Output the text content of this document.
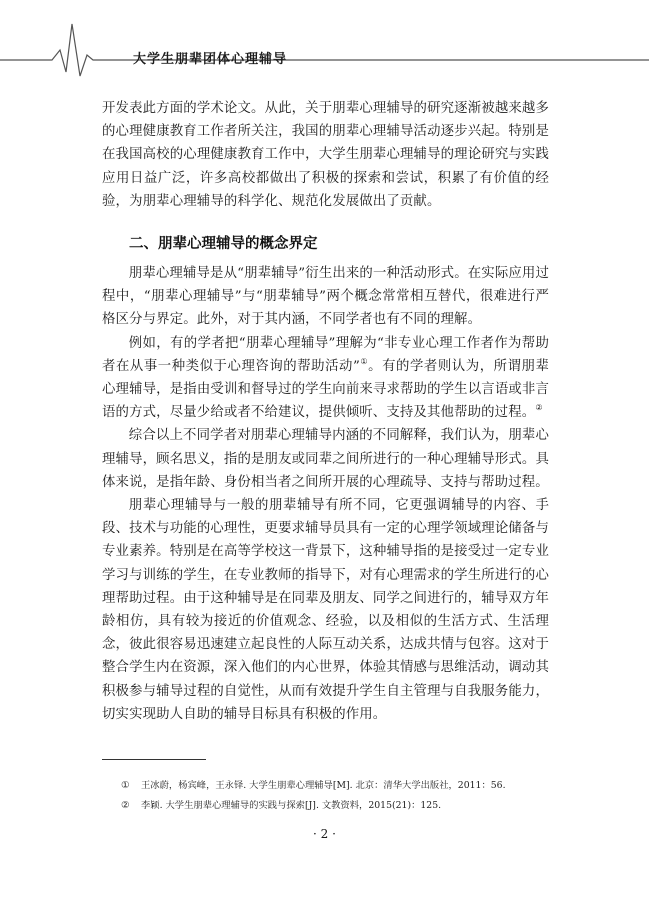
大学生朋辈团体心理辅导

开发表此方面的学术论文。从此，关于朋辈心理辅导的研究逐渐被越来越多的心理健康教育工作者所关注，我国的朋辈心理辅导活动逐步兴起。特别是在我国高校的心理健康教育工作中，大学生朋辈心理辅导的理论研究与实践应用日益广泛，许多高校都做出了积极的探索和尝试，积累了有价值的经验，为朋辈心理辅导的科学化、规范化发展做出了贡献。

二、朋辈心理辅导的概念界定

朋辈心理辅导是从“朋辈辅导”衍生出来的一种活动形式。在实际应用过程中，“朋辈心理辅导”与“朋辈辅导”两个概念常常相互替代，很难进行严格区分与界定。此外，对于其内涵，不同学者也有不同的理解。

例如，有的学者把“朋辈心理辅导”理解为“非专业心理工作者作为帮助者在从事一种类似于心理咨询的帮助活动”①。有的学者则认为，所谓朋辈心理辅导，是指由受训和督导过的学生向前来寻求帮助的学生以言语或非言语的方式，尽量少给或者不给建议，提供倾听、支持及其他帮助的过程。②

综合以上不同学者对朋辈心理辅导内涵的不同解释，我们认为，朋辈心理辅导，顾名思义，指的是朋友或同辈之间所进行的一种心理辅导形式。具体来说，是指年龄、身份相当者之间所开展的心理疏导、支持与帮助过程。

朋辈心理辅导与一般的朋辈辅导有所不同，它更强调辅导的内容、手段、技术与功能的心理性，更要求辅导员具有一定的心理学领域理论储备与专业素养。特别是在高等学校这一背景下，这种辅导指的是接受过一定专业学习与训练的学生，在专业教师的指导下，对有心理需求的学生所进行的心理帮助过程。由于这种辅导是在同辈及朋友、同学之间进行的，辅导双方年龄相仿，具有较为接近的价值观念、经验，以及相似的生活方式、生活理念，彼此很容易迅速建立起良性的人际互动关系，达成共情与包容。这对于整合学生内在资源，深入他们的内心世界，体验其情感与思维活动，调动其积极参与辅导过程的自觉性，从而有效提升学生自主管理与自我服务能力，切实实现助人自助的辅导目标具有积极的作用。

①	王冰蔚，杨宾峰，王永铎. 大学生朋辈心理辅导[M]. 北京：清华大学出版社，2011：56.
②	李颖. 大学生朋辈心理辅导的实践与探索[J]. 文教资料，2015(21)：125.
· 2 ·
